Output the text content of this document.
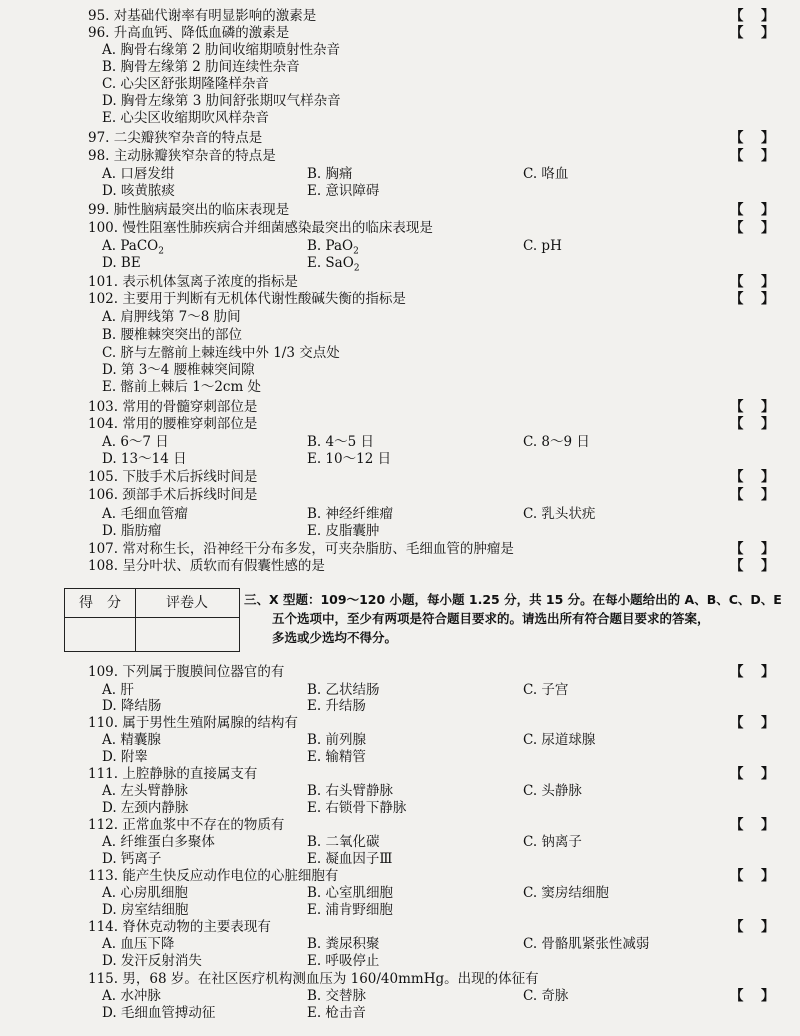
95. 对基础代谢率有明显影响的激素是	【　】
96. 升高血钙、降低血磷的激素是	【　】
A. 胸骨右缘第 2 肋间收缩期喷射性杂音
B. 胸骨左缘第 2 肋间连续性杂音
C. 心尖区舒张期隆隆样杂音
D. 胸骨左缘第 3 肋间舒张期叹气样杂音
E. 心尖区收缩期吹风样杂音
97. 二尖瓣狭窄杂音的特点是	【　】
98. 主动脉瓣狭窄杂音的特点是	【　】
A. 口唇发绀	B. 胸痛	C. 咯血
D. 咳黄脓痰	E. 意识障碍
99. 肺性脑病最突出的临床表现是	【　】
100. 慢性阻塞性肺疾病合并细菌感染最突出的临床表现是	【　】
A. PaCO$_2$	B. PaO$_2$	C. pH
D. BE	E. SaO$_2$
101. 表示机体氢离子浓度的指标是	【　】
102. 主要用于判断有无机体代谢性酸碱失衡的指标是	【　】
A. 肩胛线第 7～8 肋间
B. 腰椎棘突突出的部位
C. 脐与左髂前上棘连线中外 1/3 交点处
D. 第 3～4 腰椎棘突间隙
E. 髂前上棘后 1～2cm 处
103. 常用的骨髓穿刺部位是	【　】
104. 常用的腰椎穿刺部位是	【　】
A. 6～7 日	B. 4～5 日	C. 8～9 日
D. 13～14 日	E. 10～12 日
105. 下肢手术后拆线时间是	【　】
106. 颈部手术后拆线时间是	【　】
A. 毛细血管瘤	B. 神经纤维瘤	C. 乳头状疣
D. 脂肪瘤	E. 皮脂囊肿
107. 常对称生长，沿神经干分布多发，可夹杂脂肪、毛细血管的肿瘤是	【　】
108. 呈分叶状、质软而有假囊性感的是	【　】
得　分	评卷人	三、X 型题：109～120 小题，每小题 1.25 分，共 15 分。在每小题给出的 A、B、C、D、E
五个选项中，至少有两项是符合题目要求的。请选出所有符合题目要求的答案，
多选或少选均不得分。
109. 下列属于腹膜间位器官的有	【　】
A. 肝	B. 乙状结肠	C. 子宫
D. 降结肠	E. 升结肠
110. 属于男性生殖附属腺的结构有	【　】
A. 精囊腺	B. 前列腺	C. 尿道球腺
D. 附睾	E. 输精管
111. 上腔静脉的直接属支有	【　】
A. 左头臂静脉	B. 右头臂静脉	C. 头静脉
D. 左颈内静脉	E. 右锁骨下静脉
112. 正常血浆中不存在的物质有	【　】
A. 纤维蛋白多聚体	B. 二氧化碳	C. 钠离子
D. 钙离子	E. 凝血因子Ⅲ
113. 能产生快反应动作电位的心脏细胞有	【　】
A. 心房肌细胞	B. 心室肌细胞	C. 窦房结细胞
D. 房室结细胞	E. 浦肯野细胞
114. 脊休克动物的主要表现有	【　】
A. 血压下降	B. 粪尿积聚	C. 骨骼肌紧张性减弱
D. 发汗反射消失	E. 呼吸停止
115. 男，68 岁。在社区医疗机构测血压为 160/40mmHg。出现的体征有
A. 水冲脉	B. 交替脉	C. 奇脉	【　】
D. 毛细血管搏动征	E. 枪击音
